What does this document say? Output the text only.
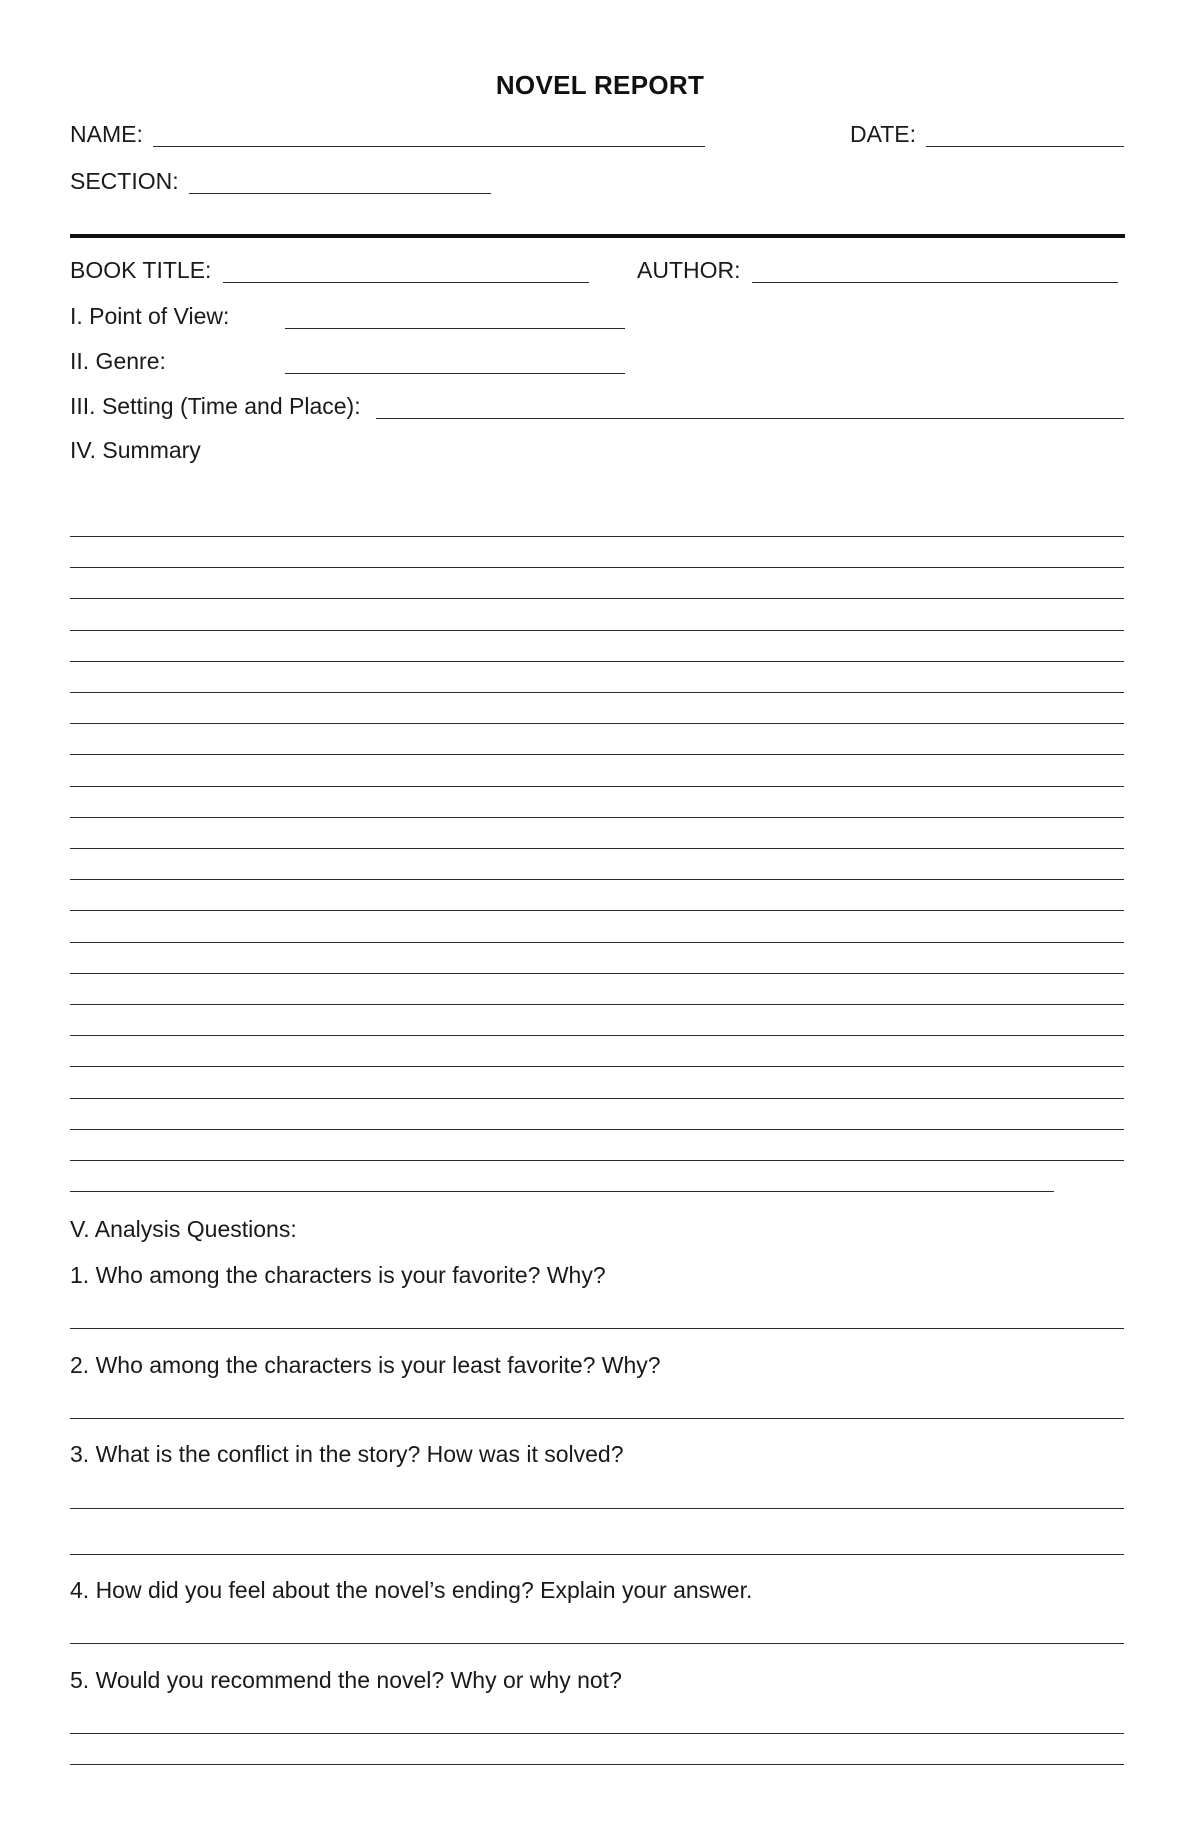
NOVEL REPORT
NAME:	DATE:
SECTION:
BOOK TITLE:	AUTHOR:
I. Point of View:
II. Genre:
III. Setting (Time and Place):
IV. Summary
V. Analysis Questions:
1. Who among the characters is your favorite? Why?
2. Who among the characters is your least favorite? Why?
3. What is the conflict in the story? How was it solved?
4. How did you feel about the novel’s ending? Explain your answer.
5. Would you recommend the novel? Why or why not?
